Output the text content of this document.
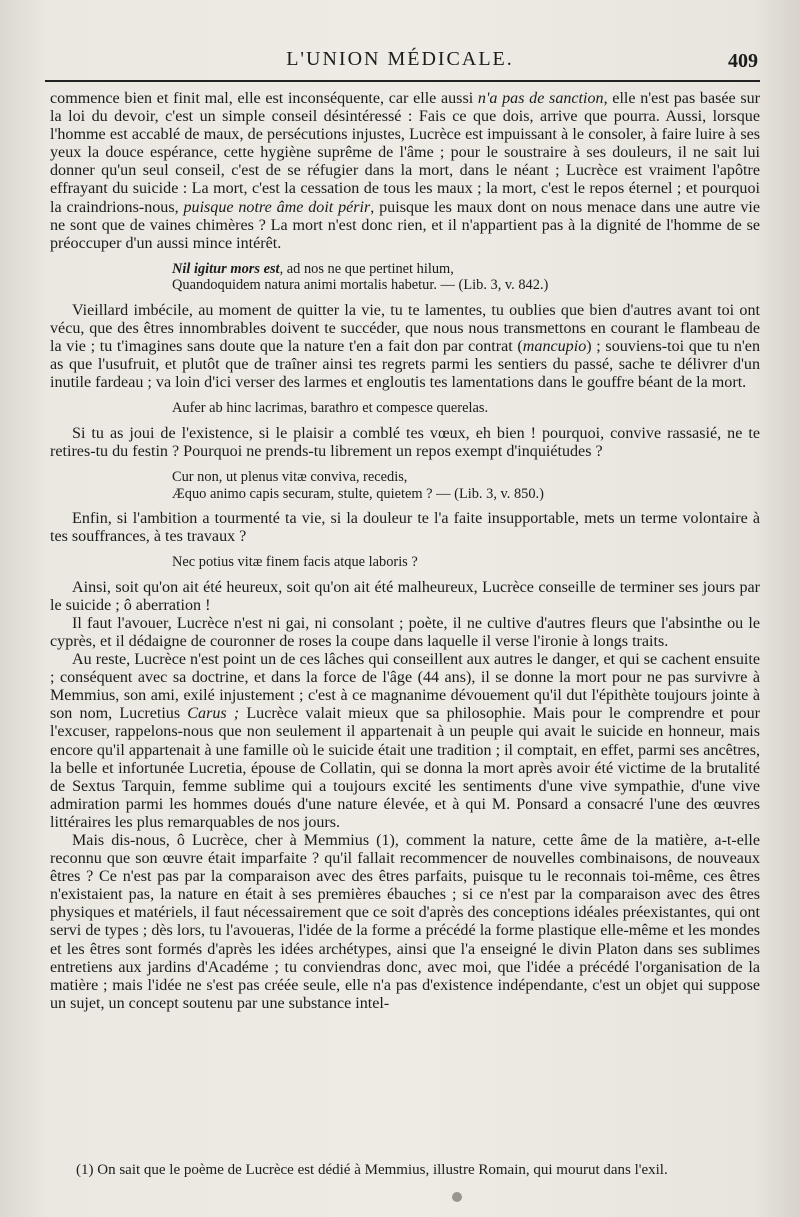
L'UNION MÉDICALE.	409

commence bien et finit mal, elle est inconséquente, car elle aussi n'a pas de sanction, elle n'est pas basée sur la loi du devoir, c'est un simple conseil désintéressé : Fais ce que dois, arrive que pourra. Aussi, lorsque l'homme est accablé de maux, de persécutions injustes, Lucrèce est impuissant à le consoler, à faire luire à ses yeux la douce espérance, cette hygiène suprême de l'âme ; pour le soustraire à ses douleurs, il ne sait lui donner qu'un seul conseil, c'est de se réfugier dans la mort, dans le néant ; Lucrèce est vraiment l'apôtre effrayant du suicide : La mort, c'est la cessation de tous les maux ; la mort, c'est le repos éternel ; et pourquoi la craindrions-nous, puisque notre âme doit périr, puisque les maux dont on nous menace dans une autre vie ne sont que de vaines chimères ? La mort n'est donc rien, et il n'appartient pas à la dignité de l'homme de se préoccuper d'un aussi mince intérêt.

Nil igitur mors est, ad nos ne que pertinet hilum,
Quandoquidem natura animi mortalis habetur. — (Lib. 3, v. 842.)

Vieillard imbécile, au moment de quitter la vie, tu te lamentes, tu oublies que bien d'autres avant toi ont vécu, que des êtres innombrables doivent te succéder, que nous nous transmettons en courant le flambeau de la vie ; tu t'imagines sans doute que la nature t'en a fait don par contrat (mancupio) ; souviens-toi que tu n'en as que l'usufruit, et plutôt que de traîner ainsi tes regrets parmi les sentiers du passé, sache te délivrer d'un inutile fardeau ; va loin d'ici verser des larmes et engloutis tes lamentations dans le gouffre béant de la mort.

Aufer ab hinc lacrimas, barathro et compesce querelas.

Si tu as joui de l'existence, si le plaisir a comblé tes vœux, eh bien ! pourquoi, convive rassasié, ne te retires-tu du festin ? Pourquoi ne prends-tu librement un repos exempt d'inquiétudes ?

Cur non, ut plenus vitæ conviva, recedis,
Æquo animo capis securam, stulte, quietem ? — (Lib. 3, v. 850.)

Enfin, si l'ambition a tourmenté ta vie, si la douleur te l'a faite insupportable, mets un terme volontaire à tes souffrances, à tes travaux ?

Nec potius vitæ finem facis atque laboris ?

Ainsi, soit qu'on ait été heureux, soit qu'on ait été malheureux, Lucrèce conseille de terminer ses jours par le suicide ; ô aberration !

Il faut l'avouer, Lucrèce n'est ni gai, ni consolant ; poète, il ne cultive d'autres fleurs que l'absinthe ou le cyprès, et il dédaigne de couronner de roses la coupe dans laquelle il verse l'ironie à longs traits.

Au reste, Lucrèce n'est point un de ces lâches qui conseillent aux autres le danger, et qui se cachent ensuite ; conséquent avec sa doctrine, et dans la force de l'âge (44 ans), il se donne la mort pour ne pas survivre à Memmius, son ami, exilé injustement ; c'est à ce magnanime dévouement qu'il dut l'épithète toujours jointe à son nom, Lucretius Carus ; Lucrèce valait mieux que sa philosophie. Mais pour le comprendre et pour l'excuser, rappelons-nous que non seulement il appartenait à un peuple qui avait le suicide en honneur, mais encore qu'il appartenait à une famille où le suicide était une tradition ; il comptait, en effet, parmi ses ancêtres, la belle et infortunée Lucretia, épouse de Collatin, qui se donna la mort après avoir été victime de la brutalité de Sextus Tarquin, femme sublime qui a toujours excité les sentiments d'une vive sympathie, d'une vive admiration parmi les hommes doués d'une nature élevée, et à qui M. Ponsard a consacré l'une des œuvres littéraires les plus remarquables de nos jours.

Mais dis-nous, ô Lucrèce, cher à Memmius (1), comment la nature, cette âme de la matière, a-t-elle reconnu que son œuvre était imparfaite ? qu'il fallait recommencer de nouvelles combinaisons, de nouveaux êtres ? Ce n'est pas par la comparaison avec des êtres parfaits, puisque tu le reconnais toi-même, ces êtres n'existaient pas, la nature en était à ses premières ébauches ; si ce n'est par la comparaison avec des êtres physiques et matériels, il faut nécessairement que ce soit d'après des conceptions idéales préexistantes, qui ont servi de types ; dès lors, tu l'avoueras, l'idée de la forme a précédé la forme plastique elle-même et les mondes et les êtres sont formés d'après les idées archétypes, ainsi que l'a enseigné le divin Platon dans ses sublimes entretiens aux jardins d'Académe ; tu conviendras donc, avec moi, que l'idée a précédé l'organisation de la matière ; mais l'idée ne s'est pas créée seule, elle n'a pas d'existence indépendante, c'est un objet qui suppose un sujet, un concept soutenu par une substance intel-

(1) On sait que le poème de Lucrèce est dédié à Memmius, illustre Romain, qui mourut dans l'exil.
